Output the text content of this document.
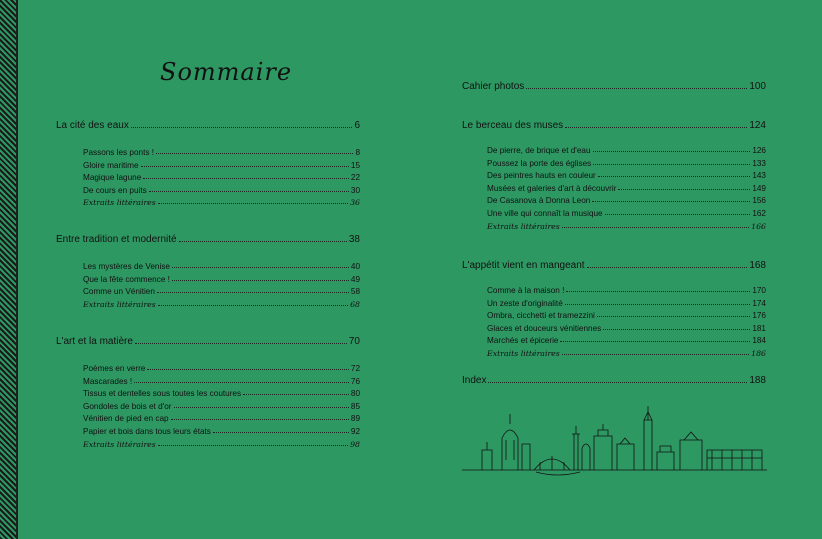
Sommaire
La cité des eaux	6
Passons les ponts !	8
Gloire maritime	15
Magique lagune	22
De cours en puits	30
Extraits littéraires	36
Entre tradition et modernité	38
Les mystères de Venise	40
Que la fête commence !	49
Comme un Vénitien	58
Extraits littéraires	68
L'art et la matière	70
Poèmes en verre	72
Mascarades !	76
Tissus et dentelles sous toutes les coutures	80
Gondoles de bois et d'or	85
Vénitien de pied en cap	89
Papier et bois dans tous leurs états	92
Extraits littéraires	98
Cahier photos	100
Le berceau des muses	124
De pierre, de brique et d'eau	126
Poussez la porte des églises	133
Des peintres hauts en couleur	143
Musées et galeries d'art à découvrir	149
De Casanova à Donna Leon	156
Une ville qui connaît la musique	162
Extraits littéraires	166
L'appétit vient en mangeant	168
Comme à la maison !	170
Un zeste d'originalité	174
Ombra, cicchetti et tramezzini	176
Glaces et douceurs vénitiennes	181
Marchés et épicerie	184
Extraits littéraires	186
Index	188
